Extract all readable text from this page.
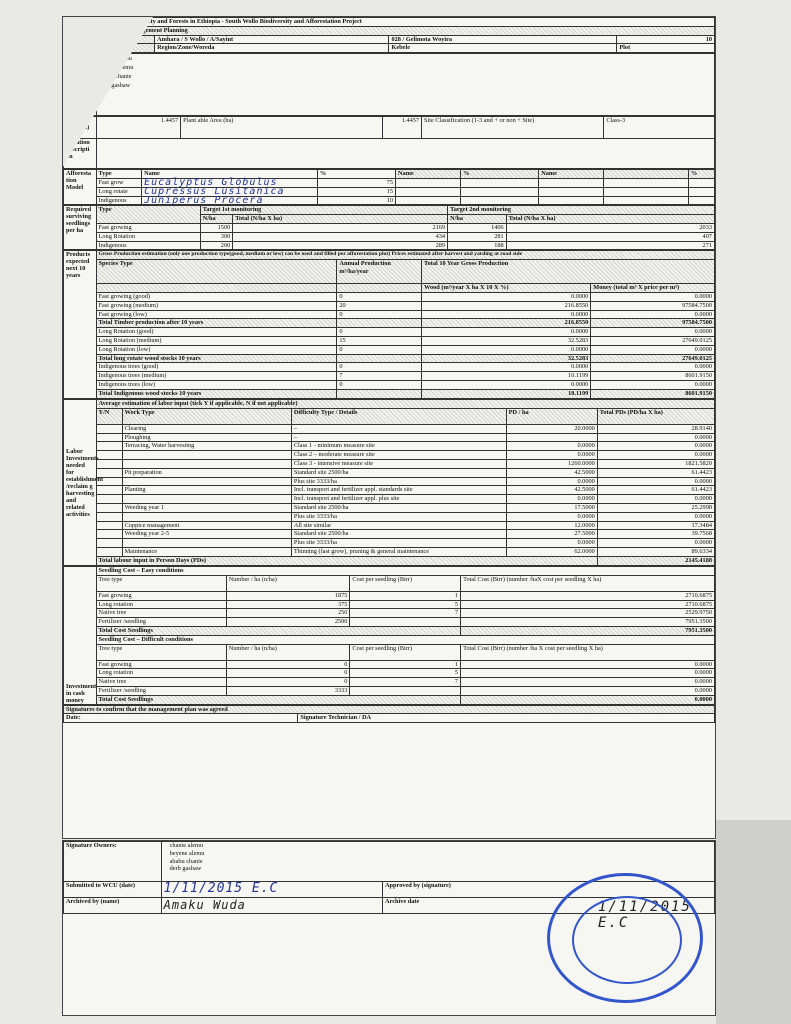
... Sustainable Use of Biodiversity and Forests in Ethiopia - South Wollo Biodiversity and Afforestation Project			
...e Afforestation Plots Management Planning			
	Amhara / S Wollo / A/Sayint	028 / Gelimota Woyira	10
	Region/Zone/Woreda	Kebele	Plot
Owners (names/contacts)	
chanie alemu
beyene alemu
ababu chanie
derb gashaw
Gross Size (ha)	1.4457	Plant able Area (ha)	1.4457	Site Classification (1-3 and + or non + Site)	Class-3
Location descripti on					
Afforesta tion Model	Type	Name	%	Name	%	Name		%
	Fast grow	Eucalyptus Globulus	75					
	Long rotate	Cupressus Lusitanica	15					
	Indigenous	Juniperus Procera	10					
Required surviving seedlings per ha	Type	Target 1st monitoring		Target 2nd monitoring	
		N/ha	Total (N/ha X ha)	N/ha	Total (N/ha X ha)
	Fast growing	1500	2169	1406	2033
	Long Rotation	300	434	281	407
	Indigenous	200	289	188	271
Products expected next 10 years	Gross Production estimation (only one production type(good, medium or low) can be used and filled per afforestation plot) Prices estimated after harvest and yarding at road side			
	Species Type	Annual Production m³/ha/year	Total 10 Year Gross Production	
			Wood (m³/year X ha X 10 X %)	Money (total m³ X price per m³)
	Fast growing (good)	0	0.0000	0.0000
	Fast growing (medium)	20	216.8550	97584.7500
	Fast growing (low)	0	0.0000	0.0000
	Total Timber production after 10 years		216.8550	97584.7500
	Long Rotation (good)	0	0.0000	0.0000
	Long Rotation (medium)	15	32.5283	27649.0125
	Long Rotation (low)	0	0.0000	0.0000
	Total long rotate wood stocks 10 years		32.5283	27649.0125
	Indigenous trees (good)	0	0.0000	0.0000
	Indigenous trees (medium)	7	10.1199	8601.9150
	Indigenous trees (low)	0	0.0000	0.0000
	Total Indigenous wood stocks 10 years		10.1199	8601.9150

Labor Investments needed for establishment /reclaim g harvesting and related activities	Average estimation of labor input (tick Y if applicable, N if not applicable)				
	Y/N	Work Type	Difficulty Type / Details	PD / ha	Total PDs (PD/ha X ha)
		Clearing	–	20.0000	28.9140
		Ploughing	–		0.0000
		Terracing, Water harvesting	Class 1 - minimum measure site	0.0000	0.0000
			Class 2 – moderate measure site	0.0000	0.0000
			Class 3 - intensive measure site	1260.0000	1821.5820
		Pit preparation	Standard site 2500/ha	42.5000	61.4423
			Plus site 3333/ha	0.0000	0.0000
		Planting	Incl. transport and fertilizer appl. standards site	42.5000	61.4423
			Incl. transport and fertilizer appl. plus site	0.0000	0.0000
		Weeding year 1	Standard site 2500/ha	17.5000	25.2998
			Plus site 3333/ha	0.0000	0.0000
		Coppice management	All site similar	12.0000	17.3484
		Weeding year 2-5	Standard site 2500/ha	27.5000	39.7568
			Plus site 3333/ha	0.0000	0.0000
		Maintenance	Thinning (fast grow), pruning & general maintenance	62.0000	89.6334
	Total labour input in Person Days (PDs)				2145.4188

Investment in cash money	Seedling Cost – Easy conditions			
	Tree type	Number / ha (n/ha)	Cost per seedling (Birr)	Total Cost (Birr) (number /haX cost per seedling X ha)
	Fast growing	1875	1	2710.6875
	Long rotation	375	5	2710.6875
	Native tree	250	7	2529.9750
	Fertilizer /seedling	2500		7951.3500
	Total Cost Seedlings			7951.3500
	Seedling Cost – Difficult conditions			
	Tree type	Number / ha (n/ha)	Cost per seedling (Birr)	Total Cost (Birr) (number /ha X cost per seedling X ha)
	Fast growing	0	1	0.0000
	Long rotation	0	5	0.0000
	Native tree	0	7	0.0000
	Fertilizer /seedling	3333		0.0000
	Total Cost Seedlings			0.0000
Signatures to confirm that the management plan was agreed
Date:	Signature Technician / DA
Signature Owners:	chanie alemu
beyene alemu
ababu chanie
derb gashaw	

Submitted to WCU (date)	1/11/2015 E.C	Approved by (signature)
Archived by (name)	Amaku Wuda	Archive date	1/11/2015 E.C
